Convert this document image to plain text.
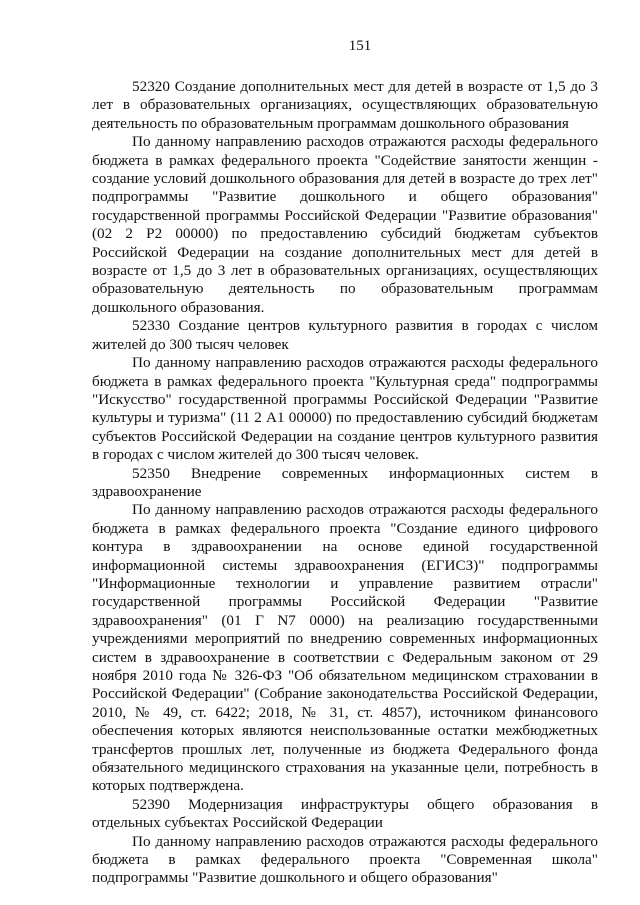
151

52320 Создание дополнительных мест для детей в возрасте от 1,5 до 3 лет в образовательных организациях, осуществляющих образовательную деятельность по образовательным программам дошкольного образования

По данному направлению расходов отражаются расходы федерального бюджета в рамках федерального проекта "Содействие занятости женщин - создание условий дошкольного образования для детей в возрасте до трех лет" подпрограммы "Развитие дошкольного и общего образования" государственной программы Российской Федерации "Развитие образования" (02 2 P2 00000) по предоставлению субсидий бюджетам субъектов Российской Федерации на создание дополнительных мест для детей в возрасте от 1,5 до 3 лет в образовательных организациях, осуществляющих образовательную деятельность по образовательным программам дошкольного образования.

52330 Создание центров культурного развития в городах с числом жителей до 300 тысяч человек

По данному направлению расходов отражаются расходы федерального бюджета в рамках федерального проекта "Культурная среда" подпрограммы "Искусство" государственной программы Российской Федерации "Развитие культуры и туризма" (11 2 A1 00000) по предоставлению субсидий бюджетам субъектов Российской Федерации на создание центров культурного развития в городах с числом жителей до 300 тысяч человек.

52350 Внедрение современных информационных систем в здравоохранение

По данному направлению расходов отражаются расходы федерального бюджета в рамках федерального проекта "Создание единого цифрового контура в здравоохранении на основе единой государственной информационной системы здравоохранения (ЕГИСЗ)" подпрограммы "Информационные технологии и управление развитием отрасли" государственной программы Российской Федерации "Развитие здравоохранения" (01 Г N7 0000) на реализацию государственными учреждениями мероприятий по внедрению современных информационных систем в здравоохранение в соответствии с Федеральным законом от 29 ноября 2010 года № 326-ФЗ "Об обязательном медицинском страховании в Российской Федерации" (Собрание законодательства Российской Федерации, 2010, № 49, ст. 6422; 2018, № 31, ст. 4857), источником финансового обеспечения которых являются неиспользованные остатки межбюджетных трансфертов прошлых лет, полученные из бюджета Федерального фонда обязательного медицинского страхования на указанные цели, потребность в которых подтверждена.

52390 Модернизация инфраструктуры общего образования в отдельных субъектах Российской Федерации

По данному направлению расходов отражаются расходы федерального бюджета в рамках федерального проекта "Современная школа" подпрограммы "Развитие дошкольного и общего образования"
